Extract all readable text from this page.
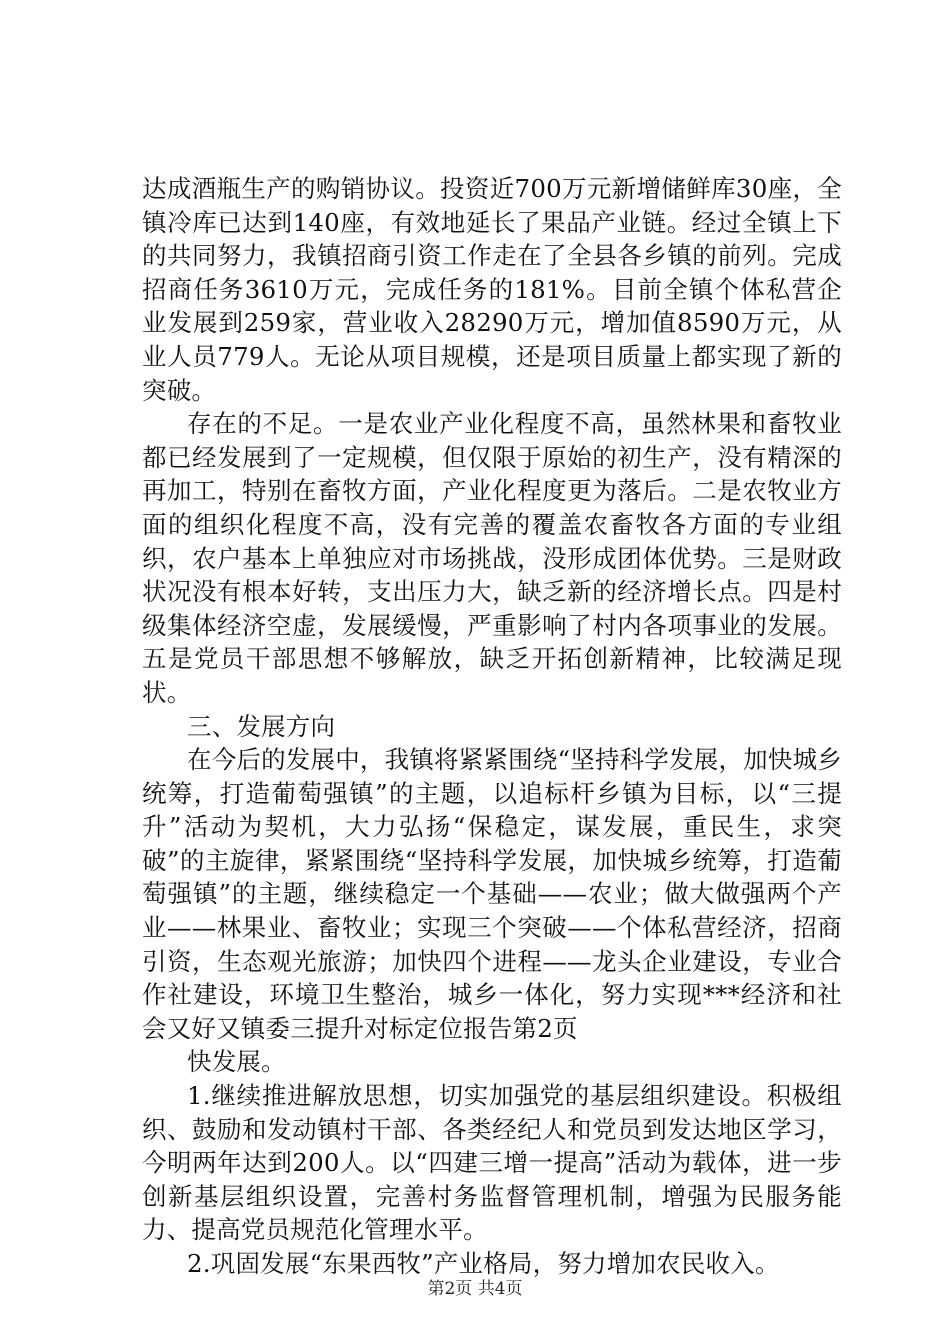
达成酒瓶生产的购销协议。投资近700万元新增储鲜库30座，全镇冷库已达到140座，有效地延长了果品产业链。经过全镇上下的共同努力，我镇招商引资工作走在了全县各乡镇的前列。完成招商任务3610万元，完成任务的181%。目前全镇个体私营企业发展到259家，营业收入28290万元，增加值8590万元，从业人员779人。无论从项目规模，还是项目质量上都实现了新的突破。

存在的不足。一是农业产业化程度不高，虽然林果和畜牧业都已经发展到了一定规模，但仅限于原始的初生产，没有精深的再加工，特别在畜牧方面，产业化程度更为落后。二是农牧业方面的组织化程度不高，没有完善的覆盖农畜牧各方面的专业组织，农户基本上单独应对市场挑战，没形成团体优势。三是财政状况没有根本好转，支出压力大，缺乏新的经济增长点。四是村级集体经济空虚，发展缓慢，严重影响了村内各项事业的发展。五是党员干部思想不够解放，缺乏开拓创新精神，比较满足现状。

三、发展方向

在今后的发展中，我镇将紧紧围绕“坚持科学发展，加快城乡统筹，打造葡萄强镇”的主题，以追标杆乡镇为目标，以“三提升”活动为契机，大力弘扬“保稳定，谋发展，重民生，求突破”的主旋律，紧紧围绕“坚持科学发展，加快城乡统筹，打造葡萄强镇”的主题，继续稳定一个基础——农业；做大做强两个产业——林果业、畜牧业；实现三个突破——个体私营经济，招商引资，生态观光旅游；加快四个进程——龙头企业建设，专业合作社建设，环境卫生整治，城乡一体化，努力实现***经济和社会又好又镇委三提升对标定位报告第2页

快发展。

1.继续推进解放思想，切实加强党的基层组织建设。积极组织、鼓励和发动镇村干部、各类经纪人和党员到发达地区学习，今明两年达到200人。以“四建三增一提高”活动为载体，进一步创新基层组织设置，完善村务监督管理机制，增强为民服务能力、提高党员规范化管理水平。

2.巩固发展“东果西牧”产业格局，努力增加农民收入。

第2页 共4页
